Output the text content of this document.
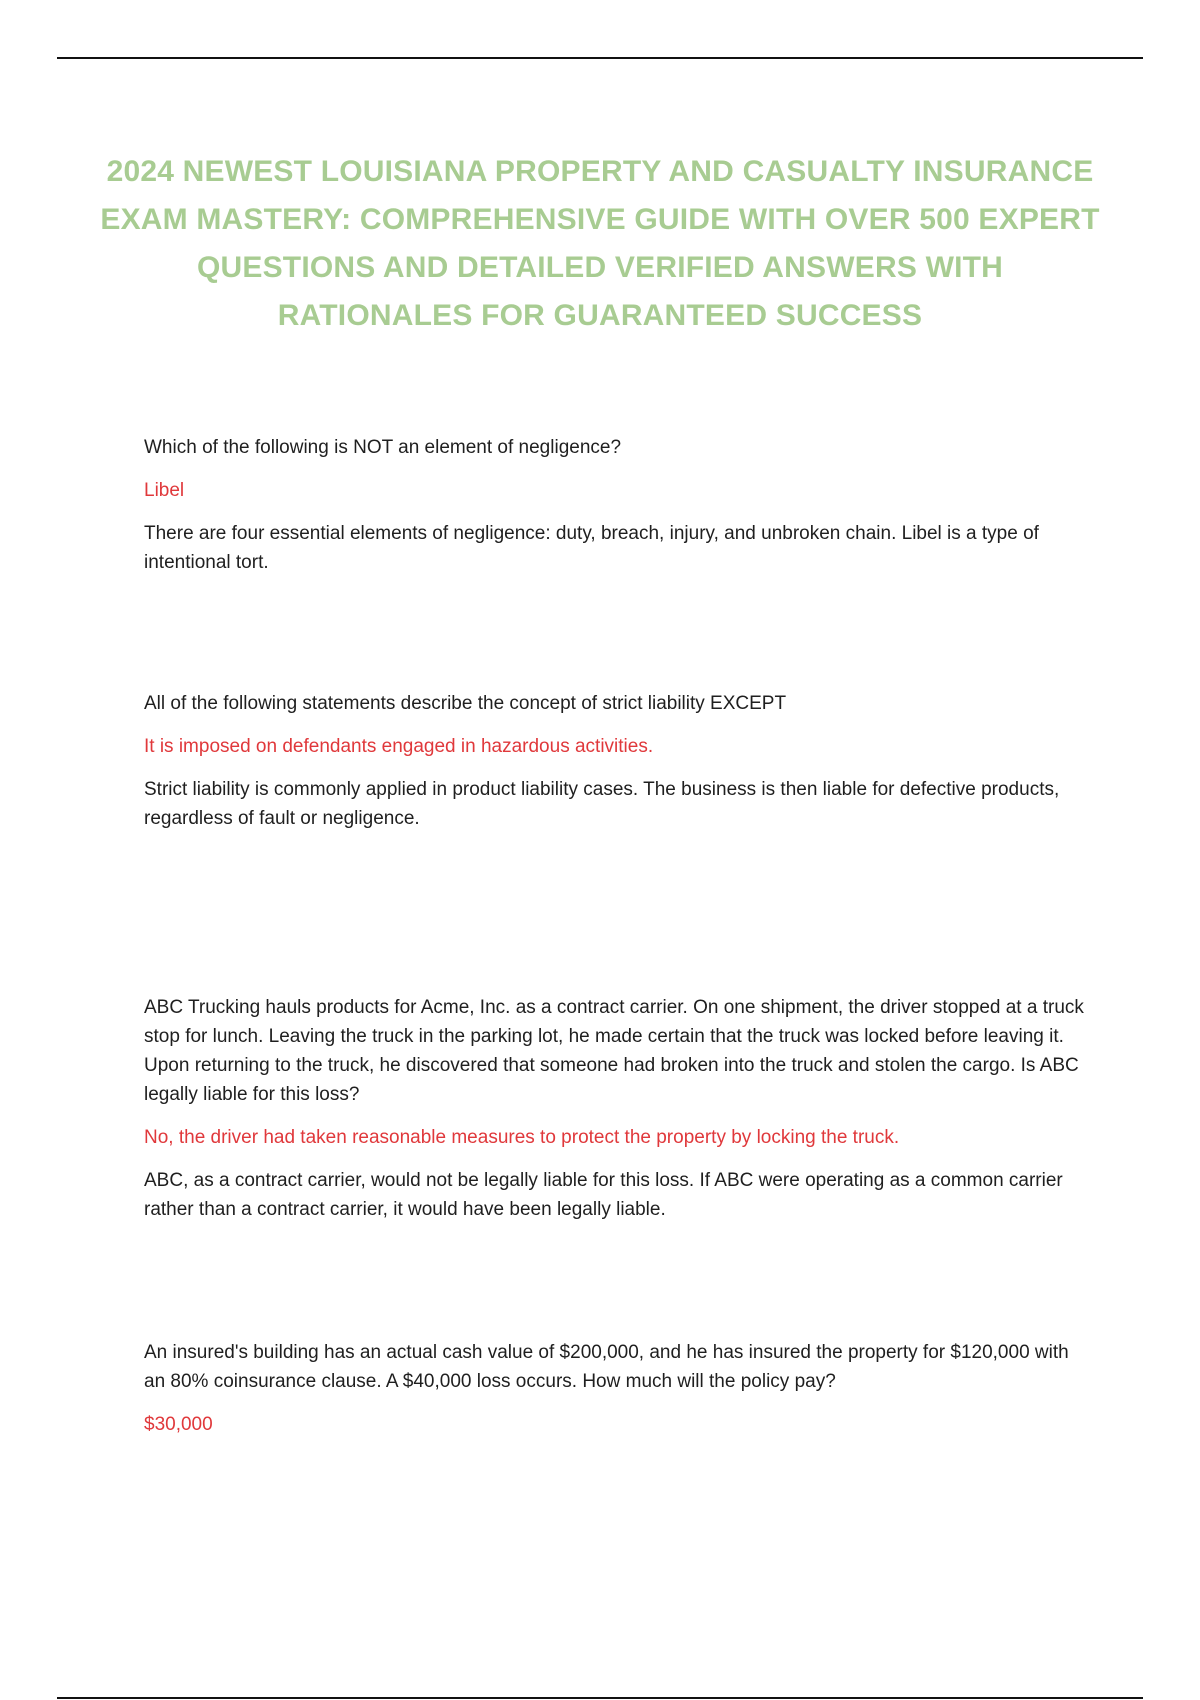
2024 NEWEST LOUISIANA PROPERTY AND CASUALTY INSURANCE EXAM MASTERY: COMPREHENSIVE GUIDE WITH OVER 500 EXPERT QUESTIONS AND DETAILED VERIFIED ANSWERS WITH RATIONALES FOR GUARANTEED SUCCESS

Which of the following is NOT an element of negligence?

Libel

There are four essential elements of negligence: duty, breach, injury, and unbroken chain. Libel is a type of intentional tort.

All of the following statements describe the concept of strict liability EXCEPT

It is imposed on defendants engaged in hazardous activities.

Strict liability is commonly applied in product liability cases. The business is then liable for defective products, regardless of fault or negligence.

ABC Trucking hauls products for Acme, Inc. as a contract carrier. On one shipment, the driver stopped at a truck stop for lunch. Leaving the truck in the parking lot, he made certain that the truck was locked before leaving it. Upon returning to the truck, he discovered that someone had broken into the truck and stolen the cargo. Is ABC legally liable for this loss?

No, the driver had taken reasonable measures to protect the property by locking the truck.

ABC, as a contract carrier, would not be legally liable for this loss. If ABC were operating as a common carrier rather than a contract carrier, it would have been legally liable.

An insured's building has an actual cash value of $200,000, and he has insured the property for $120,000 with an 80% coinsurance clause. A $40,000 loss occurs. How much will the policy pay?

$30,000
